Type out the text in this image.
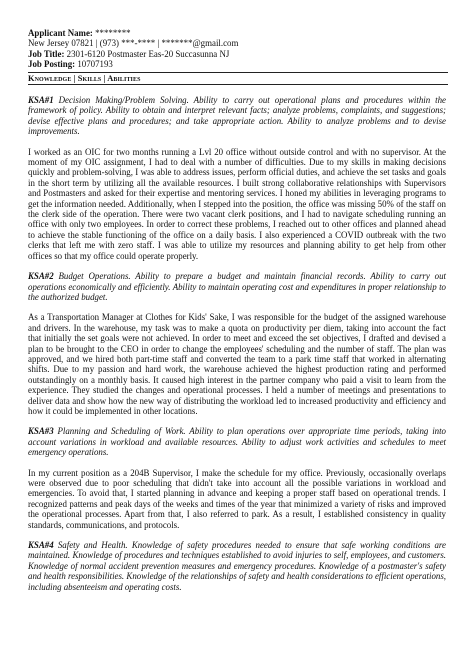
Applicant Name: ********
New Jersey 07821 | (973) ***-**** | *******@gmail.com
Job Title: 2301-6120 Postmaster Eas-20 Succasunna NJ
Job Posting: 10707193
Knowledge | Skills | Abilities

KSA#1 Decision Making/Problem Solving. Ability to carry out operational plans and procedures within the framework of policy. Ability to obtain and interpret relevant facts; analyze problems, complaints, and suggestions; devise effective plans and procedures; and take appropriate action. Ability to analyze problems and to devise improvements.

I worked as an OIC for two months running a Lvl 20 office without outside control and with no supervisor. At the moment of my OIC assignment, I had to deal with a number of difficulties. Due to my skills in making decisions quickly and problem-solving, I was able to address issues, perform official duties, and achieve the set tasks and goals in the short term by utilizing all the available resources. I built strong collaborative relationships with Supervisors and Postmasters and asked for their expertise and mentoring services. I honed my abilities in leveraging programs to get the information needed. Additionally, when I stepped into the position, the office was missing 50% of the staff on the clerk side of the operation. There were two vacant clerk positions, and I had to navigate scheduling running an office with only two employees. In order to correct these problems, I reached out to other offices and planned ahead to achieve the stable functioning of the office on a daily basis. I also experienced a COVID outbreak with the two clerks that left me with zero staff. I was able to utilize my resources and planning ability to get help from other offices so that my office could operate properly.

KSA#2 Budget Operations. Ability to prepare a budget and maintain financial records. Ability to carry out operations economically and efficiently. Ability to maintain operating cost and expenditures in proper relationship to the authorized budget.

As a Transportation Manager at Clothes for Kids' Sake, I was responsible for the budget of the assigned warehouse and drivers. In the warehouse, my task was to make a quota on productivity per diem, taking into account the fact that initially the set goals were not achieved. In order to meet and exceed the set objectives, I drafted and devised a plan to be brought to the CEO in order to change the employees' scheduling and the number of staff. The plan was approved, and we hired both part-time staff and converted the team to a park time staff that worked in alternating shifts. Due to my passion and hard work, the warehouse achieved the highest production rating and performed outstandingly on a monthly basis. It caused high interest in the partner company who paid a visit to learn from the experience. They studied the changes and operational processes. I held a number of meetings and presentations to deliver data and show how the new way of distributing the workload led to increased productivity and efficiency and how it could be implemented in other locations.

KSA#3 Planning and Scheduling of Work. Ability to plan operations over appropriate time periods, taking into account variations in workload and available resources. Ability to adjust work activities and schedules to meet emergency operations.

In my current position as a 204B Supervisor, I make the schedule for my office. Previously, occasionally overlaps were observed due to poor scheduling that didn't take into account all the possible variations in workload and emergencies. To avoid that, I started planning in advance and keeping a proper staff based on operational trends. I recognized patterns and peak days of the weeks and times of the year that minimized a variety of risks and improved the operational processes. Apart from that, I also referred to park. As a result, I established consistency in quality standards, communications, and protocols.

KSA#4 Safety and Health. Knowledge of safety procedures needed to ensure that safe working conditions are maintained. Knowledge of procedures and techniques established to avoid injuries to self, employees, and customers. Knowledge of normal accident prevention measures and emergency procedures. Knowledge of a postmaster's safety and health responsibilities. Knowledge of the relationships of safety and health considerations to efficient operations, including absenteeism and operating costs.
